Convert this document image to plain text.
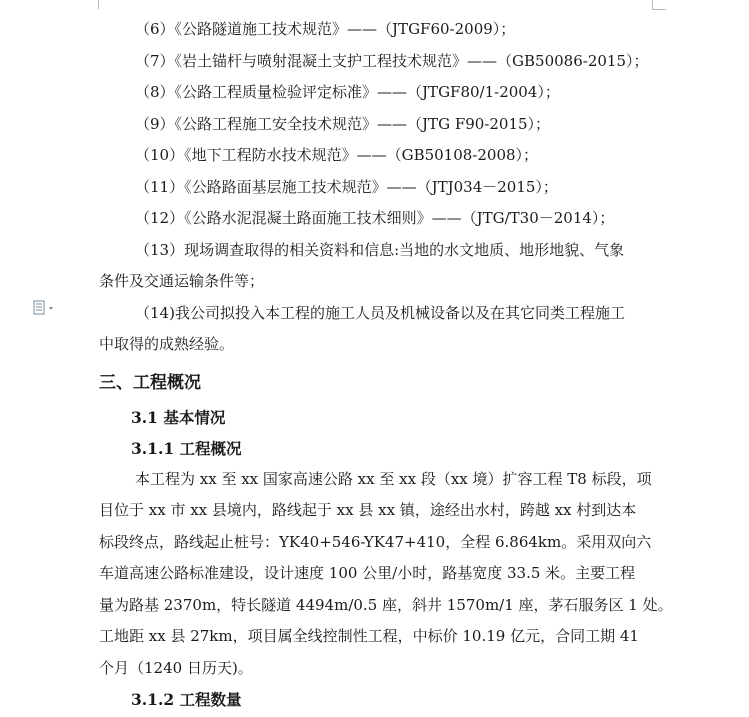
（6）《公路隧道施工技术规范》——（JTGF60-2009）；
（7）《岩土锚杆与喷射混凝土支护工程技术规范》——（GB50086-2015）；
（8）《公路工程质量检验评定标准》——（JTGF80/1-2004）；
（9）《公路工程施工安全技术规范》——（JTG F90-2015）；
（10）《地下工程防水技术规范》——（GB50108-2008）；
（11）《公路路面基层施工技术规范》——（JTJ034－2015）；
（12）《公路水泥混凝土路面施工技术细则》——（JTG/T30－2014）；
（13）现场调查取得的相关资料和信息:当地的水文地质、地形地貌、气象
条件及交通运输条件等；
（14)我公司拟投入本工程的施工人员及机械设备以及在其它同类工程施工
中取得的成熟经验。
三、工程概况
3.1 基本情况
3.1.1 工程概况
本工程为 xx 至 xx 国家高速公路 xx 至 xx 段（xx 境）扩容工程 T8 标段，项
目位于 xx 市 xx 县境内，路线起于 xx 县 xx 镇，途经出水村，跨越 xx 村到达本
标段终点，路线起止桩号：YK40+546-YK47+410，全程 6.864km。采用双向六
车道高速公路标准建设，设计速度 100 公里/小时，路基宽度 33.5 米。主要工程
量为路基 2370m，特长隧道 4494m/0.5 座，斜井 1570m/1 座，茅石服务区 1 处。
工地距 xx 县 27km，项目属全线控制性工程，中标价 10.19 亿元，合同工期 41
个月（1240 日历天)。
3.1.2 工程数量
